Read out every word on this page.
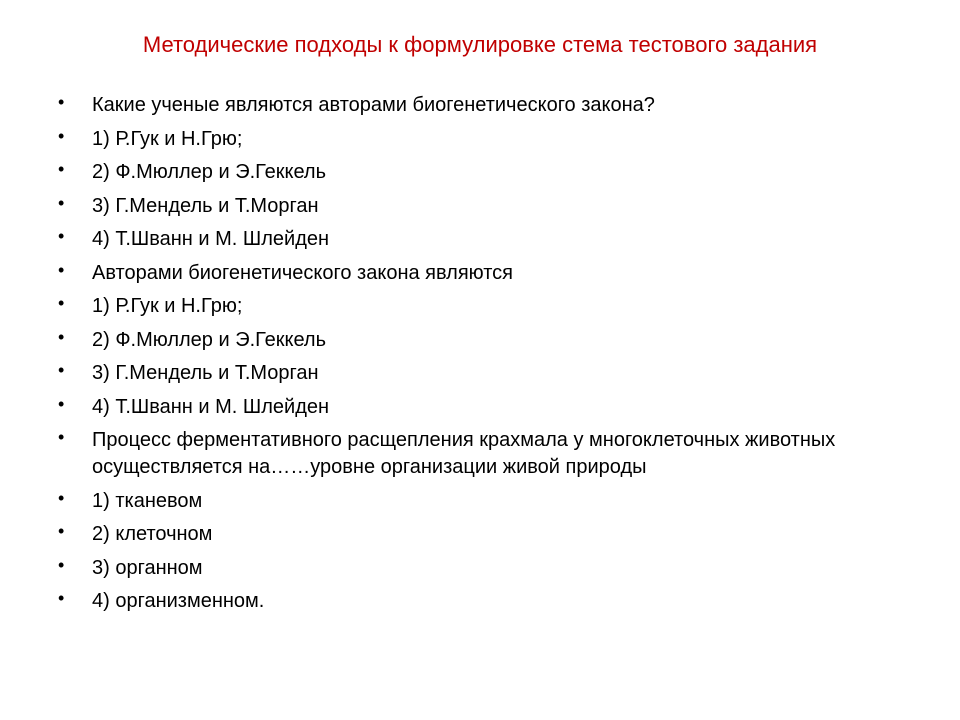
Методические подходы к формулировке стема тестового задания
• Какие ученые являются авторами биогенетического закона?
• 1) Р.Гук и Н.Грю;
• 2) Ф.Мюллер и Э.Геккель
• 3) Г.Мендель и Т.Морган
• 4) Т.Шванн и М. Шлейден
• Авторами биогенетического закона являются
• 1) Р.Гук и Н.Грю;
• 2) Ф.Мюллер и Э.Геккель
• 3) Г.Мендель и Т.Морган
• 4) Т.Шванн и М. Шлейден
• Процесс ферментативного расщепления крахмала у многоклеточных животных осуществляется на……уровне организации живой природы
• 1) тканевом
• 2) клеточном
• 3) органном
• 4) организменном.
